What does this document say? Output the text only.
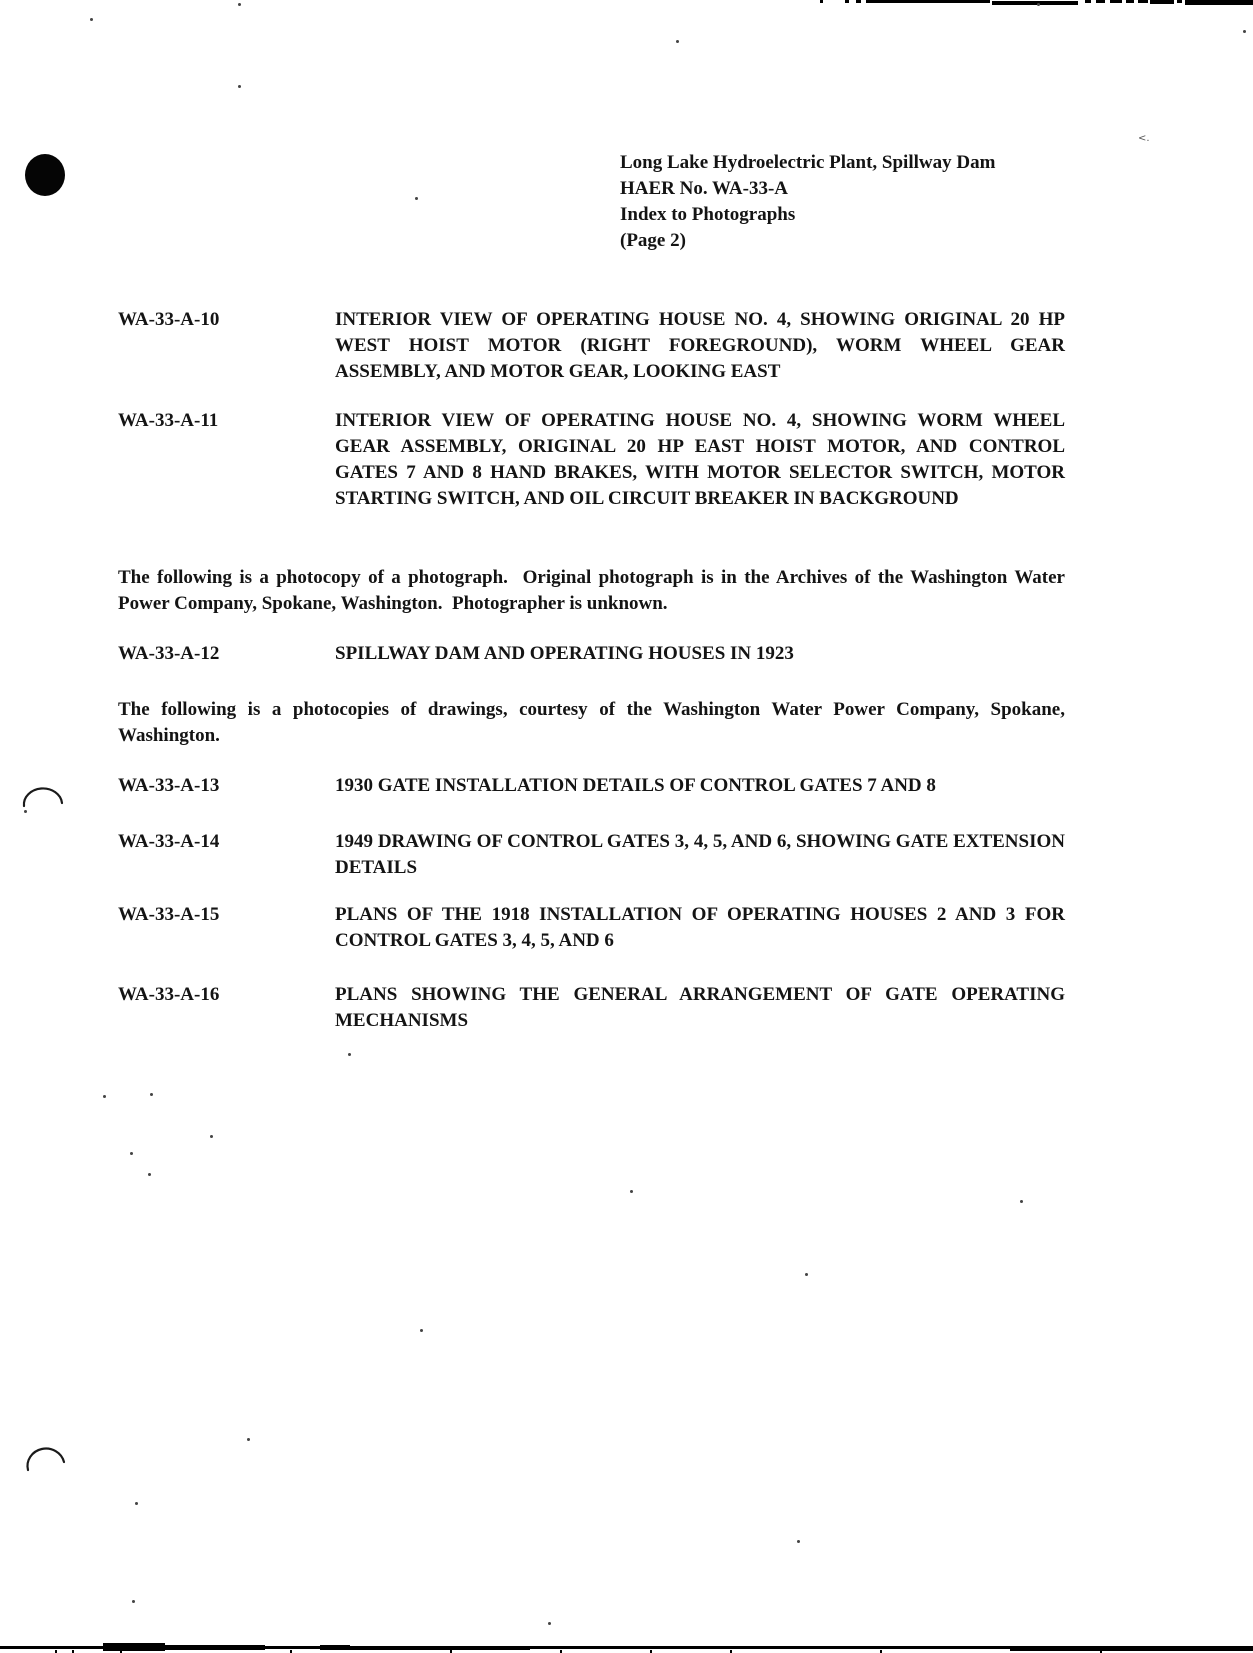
<.
Long Lake Hydroelectric Plant, Spillway Dam
HAER No. WA-33-A
Index to Photographs
(Page 2)
WA-33-A-10	INTERIOR VIEW OF OPERATING HOUSE NO. 4, SHOWING ORIGINAL 20 HP WEST HOIST MOTOR (RIGHT FOREGROUND), WORM WHEEL GEAR ASSEMBLY, AND MOTOR GEAR, LOOKING EAST
WA-33-A-11	INTERIOR VIEW OF OPERATING HOUSE NO. 4, SHOWING WORM WHEEL GEAR ASSEMBLY, ORIGINAL 20 HP EAST HOIST MOTOR, AND CONTROL GATES 7 AND 8 HAND BRAKES, WITH MOTOR SELECTOR SWITCH, MOTOR STARTING SWITCH, AND OIL CIRCUIT BREAKER IN BACKGROUND
The following is a photocopy of a photograph.  Original photograph is in the Archives of the Washington Water Power Company, Spokane, Washington.  Photographer is unknown.
WA-33-A-12	SPILLWAY DAM AND OPERATING HOUSES IN 1923
The following is a photocopies of drawings, courtesy of the Washington Water Power Company, Spokane, Washington.
WA-33-A-13	1930 GATE INSTALLATION DETAILS OF CONTROL GATES 7 AND 8
WA-33-A-14	1949 DRAWING OF CONTROL GATES 3, 4, 5, AND 6, SHOWING GATE EXTENSION DETAILS
WA-33-A-15	PLANS OF THE 1918 INSTALLATION OF OPERATING HOUSES 2 AND 3 FOR CONTROL GATES 3, 4, 5, AND 6
WA-33-A-16	PLANS SHOWING THE GENERAL ARRANGEMENT OF GATE OPERATING MECHANISMS
